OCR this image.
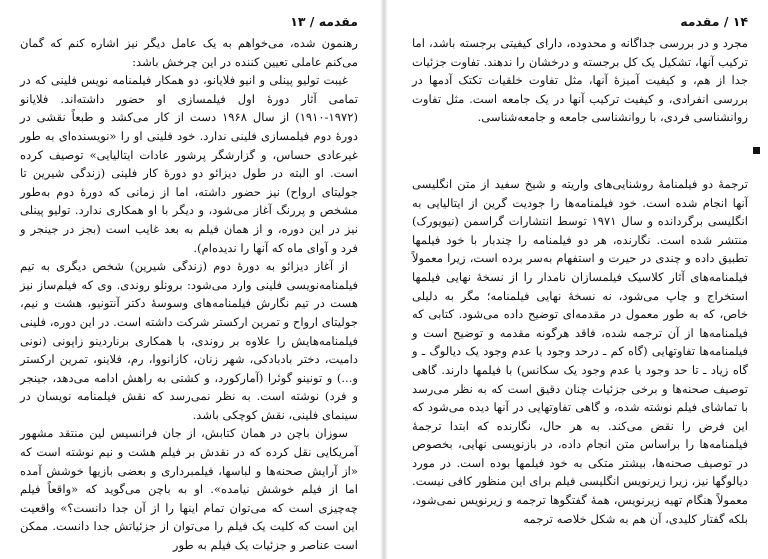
مقدمه / ۱۳

رهنمون شده، می‌خواهم به یک عامل دیگر نیز اشاره کنم که گمان می‌کنم عاملی تعیین کننده در این چرخش باشد:

غیبت تولیو پینلی و انیو فلایانو، دو همکار فیلمنامه نویس فلینی که در تمامی آثار دورهٔ اول فیلمسازی او حضور داشته‌اند. فلایانو (۱۹۷۲-۱۹۱۰) از سال ۱۹۶۸ دست از کار می‌کشد و طبعاً نقشی در دورهٔ دوم فیلمسازی فلینی ندارد. خود فلینی او را «نویسنده‌ای به طور غیرعادی حساس، و گزارشگر پرشور عادات ایتالیایی» توصیف کرده است. او البته در طول دیزائو دو دورهٔ کار فلینی (زندگی شیرین تا جولیتای ارواح) نیز حضور داشته، اما از زمانی که دورهٔ دوم به‌طور مشخص و پررنگ آغاز می‌شود، و دیگر با او همکاری ندارد. تولیو پینلی نیز در این دوره، و از همان فیلم به بعد غایب است (بجز در جینجر و فرد و آوای ماه که آنها را ندیده‌ام).

از آغاز دیزائو به دورهٔ دوم (زندگی شیرین) شخص دیگری به تیم فیلمنامه‌نویسی فلینی وارد می‌شود: برونلو روندی. وی که فیلم‌ساز نیز هست در تیم نگارش فیلمنامه‌های وسوسهٔ دکتر آنتونیو، هشت و نیم، جولیتای ارواح و تمرین ارکستر شرکت داشته است. در این دوره، فلینی فیلمنامه‌هایش را علاوه بر روندی، با همکاری برناردینو زاپونی (نونی دامیت، دختر بادبادکی، شهر زنان، کازانووا، رم، فلاینو، تمرین ارکستر و...) و تونینو گوئرا (آمارکورد، و کشتی به راهش ادامه می‌دهد، جینجر و فرد) نوشته است. به نظر نمی‌رسد که نقش فیلمنامه نویسان در سینمای فلینی، نقش کوچکی باشد.

سوزان باچن در همان کتابش، از جان فرانسیس لین منتقد مشهور آمریکایی نقل کرده که در نقدش بر فیلم هشت و نیم نوشته است که «از آرایش صحنه‌ها و لباسها، فیلمبرداری و بعضی بازیها خوشش آمده اما از فیلم خوشش نیامده». او به باچن می‌گوید که «واقعاً فیلم چه‌چیزی است که می‌توان تمام اینها را از آن جدا دانست؟» واقعیت این است که کلیت یک فیلم را می‌توان از جزئیاتش جدا دانست. ممکن است عناصر و جزئیات یک فیلم به طور

۱۴ / مقدمه

مجرد و در بررسی جداگانه و محدوده، دارای کیفیتی برجسته باشد، اما ترکیب آنها، تشکیل یک کل برجسته و درخشان را ندهند. تفاوت جزئیات جدا از هم، و کیفیت آمیزهٔ آنها، مثل تفاوت خلقیات تکتک آدمها در بررسی انفرادی، و کیفیت ترکیب آنها در یک جامعه است. مثل تفاوت روانشناسی فردی، با روانشناسی جامعه و جامعه‌شناسی.

ترجمهٔ دو فیلمنامهٔ روشنایی‌های واریته و شیخ سفید از متن انگلیسی آنها انجام شده است. خود فیلمنامه‌ها را جودیت گرین از ایتالیایی به انگلیسی برگردانده و سال ۱۹۷۱ توسط انتشارات گراسمن (نیویورک) منتشر شده است. نگارنده، هر دو فیلمنامه را چندبار با خود فیلمها تطبیق داده و چندی در حیرت و استفهام به‌سر برده است، زیرا معمولاً فیلمنامه‌های آثار کلاسیک فیلمسازان نامدار را از نسخهٔ نهایی فیلمها استخراج و چاپ می‌شود، نه نسخهٔ نهایی فیلمنامه؛ مگر به دلیلی خاص، که به طور معمول در مقدمه‌ای توضیح داده می‌شود. کتابی که فیلمنامه‌ها از آن ترجمه شده، فاقد هرگونه مقدمه و توضیح است و فیلمنامه‌ها تفاوتهایی (گاه کم ـ درحد وجود یا عدم وجود یک دیالوگ ـ و گاه زیاد ـ تا حد وجود یا عدم وجود یک سکانس) با فیلمها دارند. گاهی توصیف صحنه‌ها و برخی جزئیات چنان دقیق است که به نظر می‌رسد با تماشای فیلم نوشته شده، و گاهی تفاوتهایی در آنها دیده می‌شود که این فرض را نقض می‌کند. به هر حال، نگارنده که ابتدا ترجمهٔ فیلمنامه‌ها را براساس متن انجام داده، در بازنویسی نهایی، بخصوص در توصیف صحنه‌ها، بیشتر متکی به خود فیلمها بوده است. در مورد دیالوگها نیز، زیرا زیرنویس انگلیسی فیلم برای این منظور کافی نیست. معمولاً هنگام تهیه زیرنویس، همهٔ گفتگوها ترجمه و زیرنویس نمی‌شود، بلکه گفتار کلیدی، آن هم به شکل خلاصه ترجمه
